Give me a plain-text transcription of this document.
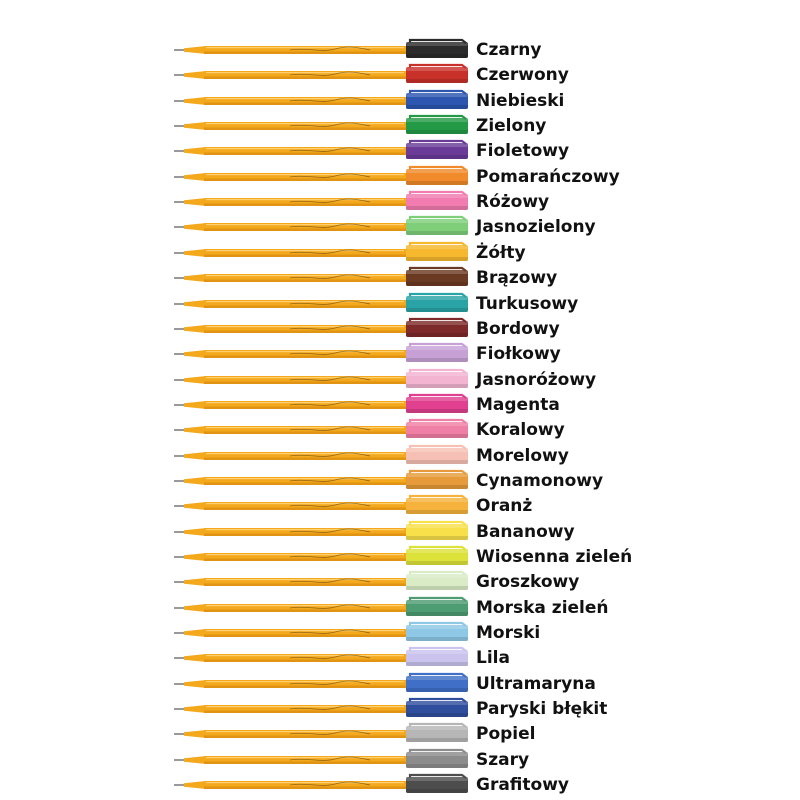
Czarny
Czerwony
Niebieski
Zielony
Fioletowy
Pomarańczowy
Różowy
Jasnozielony
Żółty
Brązowy
Turkusowy
Bordowy
Fiołkowy
Jasnoróżowy
Magenta
Koralowy
Morelowy
Cynamonowy
Oranż
Bananowy
Wiosenna zieleń
Groszkowy
Morska zieleń
Morski
Lila
Ultramaryna
Paryski błękit
Popiel
Szary
Grafitowy
